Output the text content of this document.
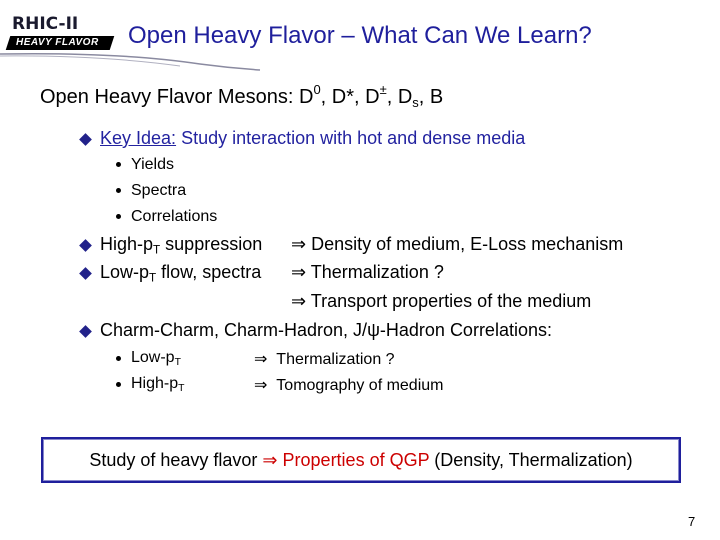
RHIC-II
HEAVY FLAVOR Open Heavy Flavor – What Can We Learn?
Open Heavy Flavor Mesons: $D^0$, D*, D±, $D_s$, B
Key Idea: Study interaction with hot and dense media
Yields
Spectra
Correlations
High-$p_T$ suppression ⇒ Density of medium, E-Loss mechanism
Low-$p_T$ flow, spectra ⇒ Thermalization ?
⇒ Transport properties of the medium
Charm-Charm, Charm-Hadron, J/ψ-Hadron Correlations:
Low-$p_T$	⇒ Thermalization ?
High-$p_T$	⇒ Tomography of medium
Study of heavy flavor ⇒ Properties of QGP (Density, Thermalization)
7
